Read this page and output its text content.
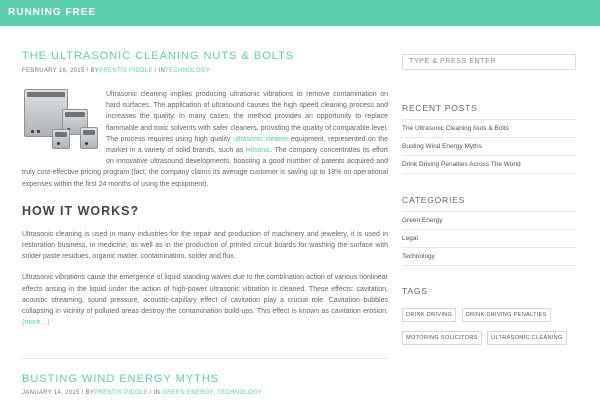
RUNNING FREE
THE ULTRASONIC CLEANING NUTS & BOLTS
FEBRUARY 16, 2015 / BYPRENTIS PIDDLE / INTECHNOLOGY
Ultrasonic cleaning implies producing ultrasonic vibrations to remove contamination on hard surfaces. The application of ultrasound causes the high speed cleaning process and increases the quality. In many cases, the method provides an opportunity to replace flammable and toxic solvents with safer cleaners, providing the quality of comparable level. The process requires using high quality ultrasonic cleaner equipment, represented on the market in a variety of solid brands, such as Hilsonic. The company concentrates its effort on innovative ultrasound developments, boasting a good number of patents acquired and truly cost-effective pricing program (fact: the company claims its average customer is saving up to 18% on operational expenses within the first 24 months of using the equipment).
HOW IT WORKS?

Ultrasonic cleaning is used in many industries for the repair and production of machinery and jewelery, it is used in restoration business, in medicine, as well as in the production of printed circuit boards for washing the surface with solder paste residues, organic matter, contamination, solder and flux.

Ultrasonic vibrations cause the emergence of liquid standing waves due to the combination action of various nonlinear effects arising in the liquid under the action of high-power ultrasonic vibration is cleaned. These effects: cavitation, acoustic streaming, sound pressure, acoustic-capillary effect of cavitation play a crucial role. Cavitation bubbles collapsing in vicinity of polluted areas destroy the contamination build-ups. This effect is known as cavitation erosion. (more…)

BUSTING WIND ENERGY MYTHS
JANUARY 14, 2015 / BYPRENTIS PIDDLE / IN GREEN ENERGY, TECHNOLOGY
TYPE & PRESS ENTER
RECENT POSTS
The Ultrasonic Cleaning Nuts & Bolts
Busting Wind Energy Myths
Drink Driving Penalties Across The World
CATEGORIES
Green Energy
Legal
Technology
TAGS
DRINK DRIVING DRINK DRIVING PENALTIES MOTORING SOLICITORS ULTRASONIC CLEANING
